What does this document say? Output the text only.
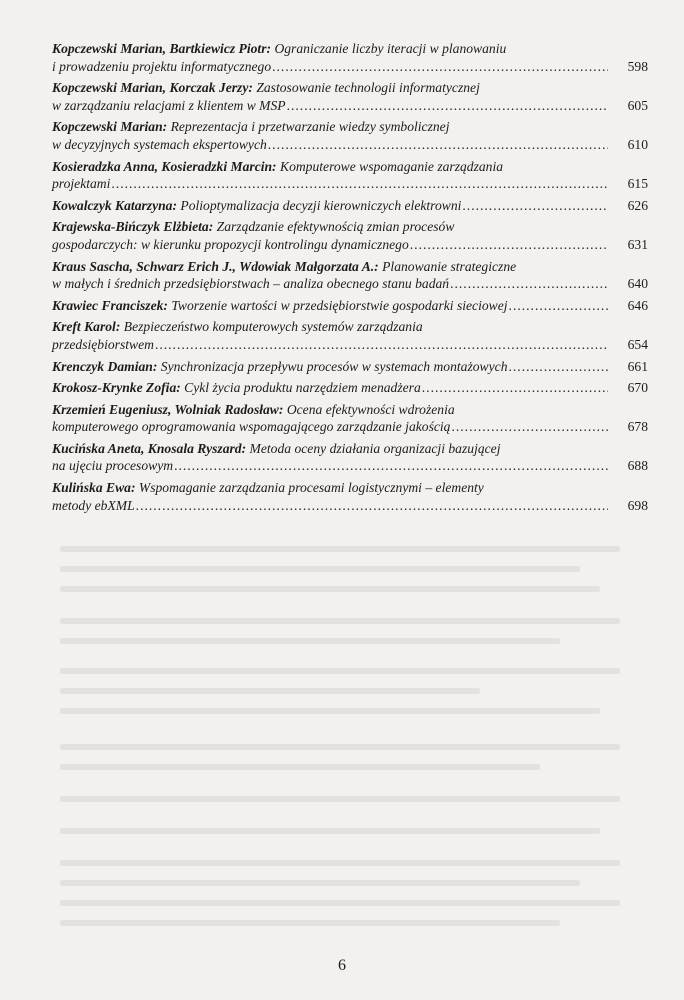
Kopczewski Marian, Bartkiewicz Piotr: Ograniczanie liczby iteracji w planowaniu
i prowadzeniu projektu informatycznego .....	598
Kopczewski Marian, Korczak Jerzy: Zastosowanie technologii informatycznej
w zarządzaniu relacjami z klientem w MSP .....	605
Kopczewski Marian: Reprezentacja i przetwarzanie wiedzy symbolicznej
w decyzyjnych systemach ekspertowych .....	610
Kosieradzka Anna, Kosieradzki Marcin: Komputerowe wspomaganie zarządzania
projektami .....	615
Kowalczyk Katarzyna: Polioptymalizacja decyzji kierowniczych elektrowni .....	626
Krajewska-Bińczyk Elżbieta: Zarządzanie efektywnością zmian procesów
gospodarczych: w kierunku propozycji kontrolingu dynamicznego .....	631
Kraus Sascha, Schwarz Erich J., Wdowiak Małgorzata A.: Planowanie strategiczne
w małych i średnich przedsiębiorstwach – analiza obecnego stanu badań .....	640
Krawiec Franciszek: Tworzenie wartości w przedsiębiorstwie gospodarki sieciowej .....	646
Kreft Karol: Bezpieczeństwo komputerowych systemów zarządzania
przedsiębiorstwem .....	654
Krenczyk Damian: Synchronizacja przepływu procesów w systemach montażowych .....	661
Krokosz-Krynke Zofia: Cykl życia produktu narzędziem menadżera .....	670
Krzemień Eugeniusz, Wolniak Radosław: Ocena efektywności wdrożenia
komputerowego oprogramowania wspomagającego zarządzanie jakością .....	678
Kucińska Aneta, Knosala Ryszard: Metoda oceny działania organizacji bazującej
na ujęciu procesowym .....	688
Kulińska Ewa: Wspomaganie zarządzania procesami logistycznymi – elementy
metody ebXML .....	698
6
